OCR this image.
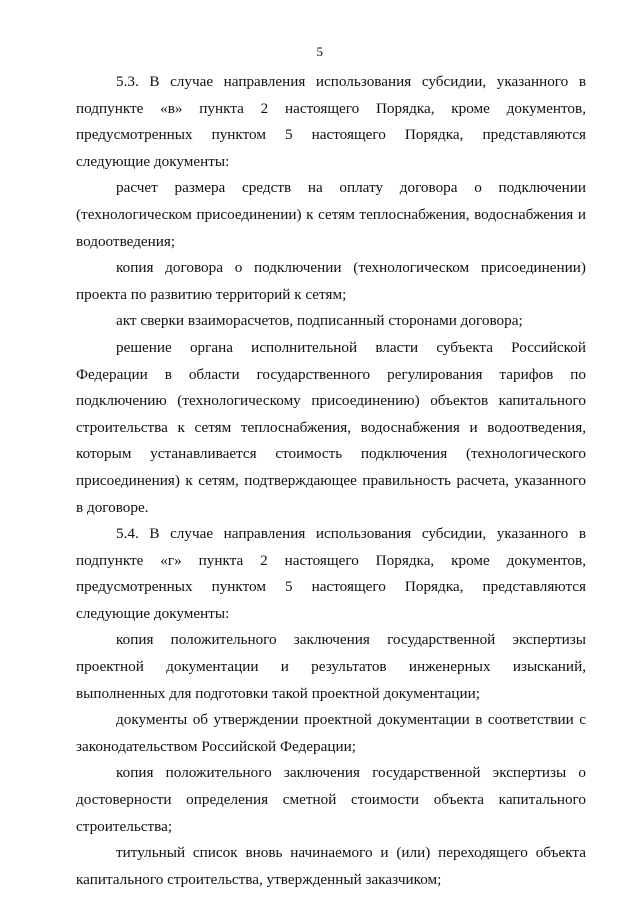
5

5.3. В случае направления использования субсидии, указанного в подпункте «в» пункта 2 настоящего Порядка, кроме документов, предусмотренных пунктом 5 настоящего Порядка, представляются следующие документы:

расчет размера средств на оплату договора о подключении (технологическом присоединении) к сетям теплоснабжения, водоснабжения и водоотведения;

копия договора о подключении (технологическом присоединении) проекта по развитию территорий к сетям;

акт сверки взаиморасчетов, подписанный сторонами договора;

решение органа исполнительной власти субъекта Российской Федерации в области государственного регулирования тарифов по подключению (технологическому присоединению) объектов капитального строительства к сетям теплоснабжения, водоснабжения и водоотведения, которым устанавливается стоимость подключения (технологического присоединения) к сетям, подтверждающее правильность расчета, указанного в договоре.

5.4. В случае направления использования субсидии, указанного в подпункте «г» пункта 2 настоящего Порядка, кроме документов, предусмотренных пунктом 5 настоящего Порядка, представляются следующие документы:

копия положительного заключения государственной экспертизы проектной документации и результатов инженерных изысканий, выполненных для подготовки такой проектной документации;

документы об утверждении проектной документации в соответствии с законодательством Российской Федерации;

копия положительного заключения государственной экспертизы о достоверности определения сметной стоимости объекта капитального строительства;

титульный список вновь начинаемого и (или) переходящего объекта капитального строительства, утвержденный заказчиком;
